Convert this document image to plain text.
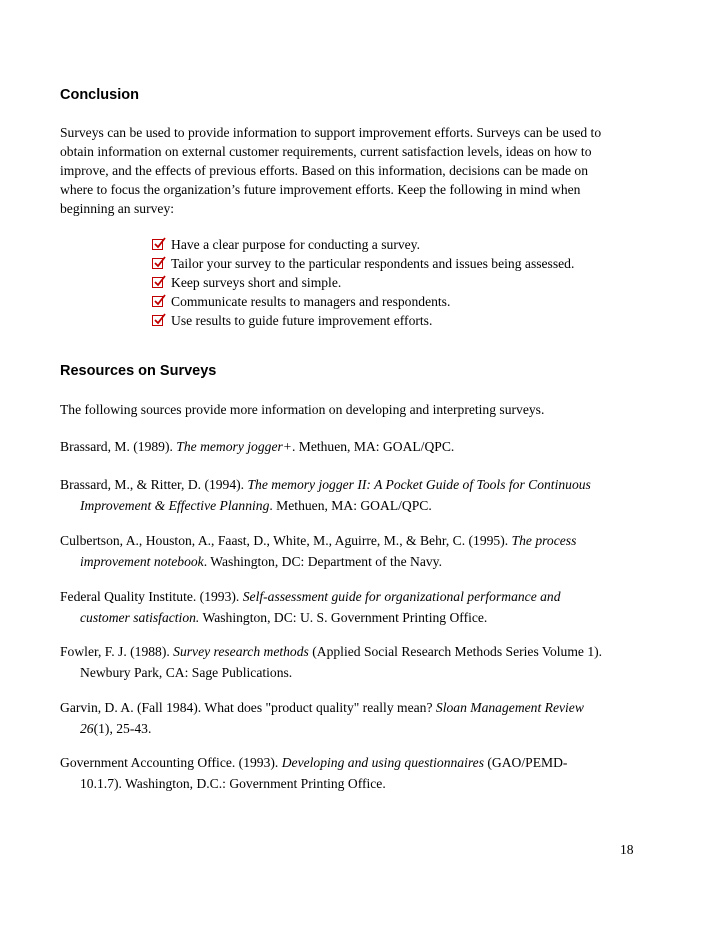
Conclusion
Surveys can be used to provide information to support improvement efforts. Surveys can be used to
obtain information on external customer requirements, current satisfaction levels, ideas on how to
improve, and the effects of previous efforts. Based on this information, decisions can be made on
where to focus the organization’s future improvement efforts. Keep the following in mind when
beginning an survey:
Have a clear purpose for conducting a survey.
Tailor your survey to the particular respondents and issues being assessed.
Keep surveys short and simple.
Communicate results to managers and respondents.
Use results to guide future improvement efforts.
Resources on Surveys
The following sources provide more information on developing and interpreting surveys.
Brassard, M. (1989). The memory jogger+. Methuen, MA: GOAL/QPC.
Brassard, M., & Ritter, D. (1994). The memory jogger II: A Pocket Guide of Tools for Continuous
Improvement & Effective Planning. Methuen, MA: GOAL/QPC.
Culbertson, A., Houston, A., Faast, D., White, M., Aguirre, M., & Behr, C. (1995). The process
improvement notebook. Washington, DC: Department of the Navy.
Federal Quality Institute. (1993). Self-assessment guide for organizational performance and
customer satisfaction. Washington, DC: U. S. Government Printing Office.
Fowler, F. J. (1988). Survey research methods (Applied Social Research Methods Series Volume 1).
Newbury Park, CA: Sage Publications.
Garvin, D. A. (Fall 1984). What does "product quality" really mean? Sloan Management Review
26(1), 25-43.
Government Accounting Office. (1993). Developing and using questionnaires (GAO/PEMD-
10.1.7). Washington, D.C.: Government Printing Office.
18
